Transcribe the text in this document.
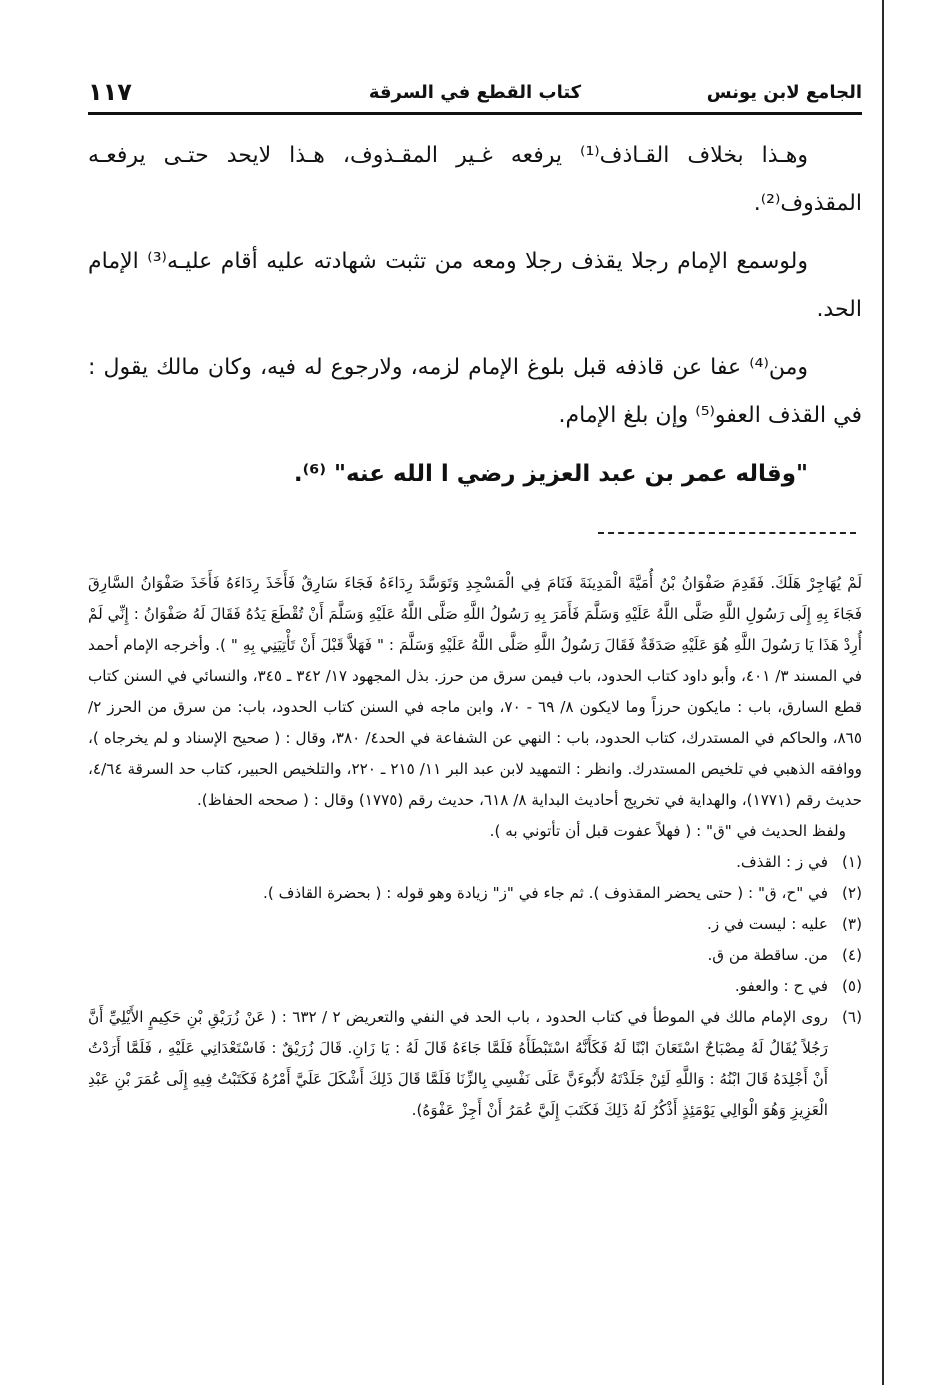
الجامع لابن يونس
كتاب القطع في السرقة
١١٧

وهـذا بخلاف القـاذف⁽¹⁾ يرفعه غـير المقـذوف، هـذا لايحد حتـى يرفعـه المقذوف⁽²⁾.

ولوسمع الإمام رجلا يقذف رجلا ومعه من تثبت شهادته عليه أقام عليـه⁽³⁾ الإمام الحد.

ومن⁽⁴⁾ عفا عن قاذفه قبل بلوغ الإمام لزمه، ولارجوع له فيه، وكان مالك يقول : في القذف العفو⁽⁵⁾ وإن بلغ الإمام.

"وقاله عمر بن عبد العزيز رضي ا الله عنه" ⁽⁶⁾.

لَمْ يُهَاجِرْ هَلَكَ. فَقَدِمَ صَفْوَانُ بْنُ أُمَيَّةَ الْمَدِينَةَ فَنَامَ فِي الْمَسْجِدِ وَتَوَسَّدَ رِدَاءَهُ فَجَاءَ سَارِقٌ فَأَخَذَ رِدَاءَهُ فَأَخَذَ صَفْوَانُ السَّارِقَ فَجَاءَ بِهِ إِلَى رَسُولِ اللَّهِ صَلَّى اللَّهُ عَلَيْهِ وَسَلَّمَ فَأَمَرَ بِهِ رَسُولُ اللَّهِ صَلَّى اللَّهُ عَلَيْهِ وَسَلَّمَ أَنْ تُقْطَعَ يَدُهُ فَقَالَ لَهُ صَفْوَانُ : إِنِّي لَمْ أُرِدْ هَذَا يَا رَسُولَ اللَّهِ هُوَ عَلَيْهِ صَدَقَةٌ فَقَالَ رَسُولُ اللَّهِ صَلَّى اللَّهُ عَلَيْهِ وَسَلَّمَ : " فَهَلاَّ قَبْلَ أَنْ تَأْتِيَنِي بِهِ " ). وأخرجه الإمام أحمد في المسند ٣/ ٤٠١، وأبو داود كتاب الحدود، باب فيمن سرق من حرز. بذل المجهود ١٧/ ٣٤٢ ـ ٣٤٥، والنسائي في السنن كتاب قطع السارق، باب : مايكون حرزاً وما لايكون ٨/ ٦٩ - ٧٠، وابن ماجه في السنن كتاب الحدود، باب: من سرق من الحرز ٢/ ٨٦٥، والحاكم في المستدرك، كتاب الحدود، باب : النهي عن الشفاعة في الحد٤/ ٣٨٠، وقال : ( صحيح الإسناد و لم يخرجاه )، ووافقه الذهبي في تلخيص المستدرك. وانظر : التمهيد لابن عبد البر ١١/ ٢١٥ ـ ٢٢٠، والتلخيص الحبير، كتاب حد السرقة ٤/٦٤، حديث رقم (١٧٧١)، والهداية في تخريج أحاديث البداية ٨/ ٦١٨، حديث رقم (١٧٧٥) وقال : ( صححه الحفاظ).

ولفظ الحديث في "ق" : ( فهلاً عفوت قبل أن تأتوني به ).

(١)
في ز : القذف.
(٢)
في "ح، ق" : ( حتى يحضر المقذوف ). ثم جاء في "ز" زيادة وهو قوله : ( بحضرة القاذف ).
(٣)
عليه : ليست في ز.
(٤)
من. ساقطة من ق.
(٥)
في ح : والعفو.
(٦)
روى الإمام مالك في الموطأ في كتاب الحدود ، باب الحد في النفي والتعريض ٢ / ٦٣٢ : ( عَنْ زُرَيْقِ بْنِ حَكِيمٍ الأَيْلِيِّ أَنَّ رَجُلاً يُقَالُ لَهُ مِصْبَاحٌ اسْتَعَانَ ابْنًا لَهُ فَكَأَنَّهُ اسْتَبْطَأَهُ فَلَمَّا جَاءَهُ قَالَ لَهُ : يَا زَانِ. قَالَ زُرَيْقٌ : فَاسْتَعْدَانِي عَلَيْهِ ، فَلَمَّا أَرَدْتُ أَنْ أَجْلِدَهُ قَالَ ابْنُهُ : وَاللَّهِ لَئِنْ جَلَدْتَهُ لأَبُوءَنَّ عَلَى نَفْسِي بِالزِّنَا فَلَمَّا قَالَ ذَلِكَ أَشْكَلَ عَلَيَّ أَمْرُهُ فَكَتَبْتُ فِيهِ إِلَى عُمَرَ بْنِ عَبْدِ الْعَزِيزِ وَهُوَ الْوَالِي يَوْمَئِذٍ أَذْكُرُ لَهُ ذَلِكَ فَكَتَبَ إِلَيَّ عُمَرُ أَنْ أَجِزْ عَفْوَهُ).
